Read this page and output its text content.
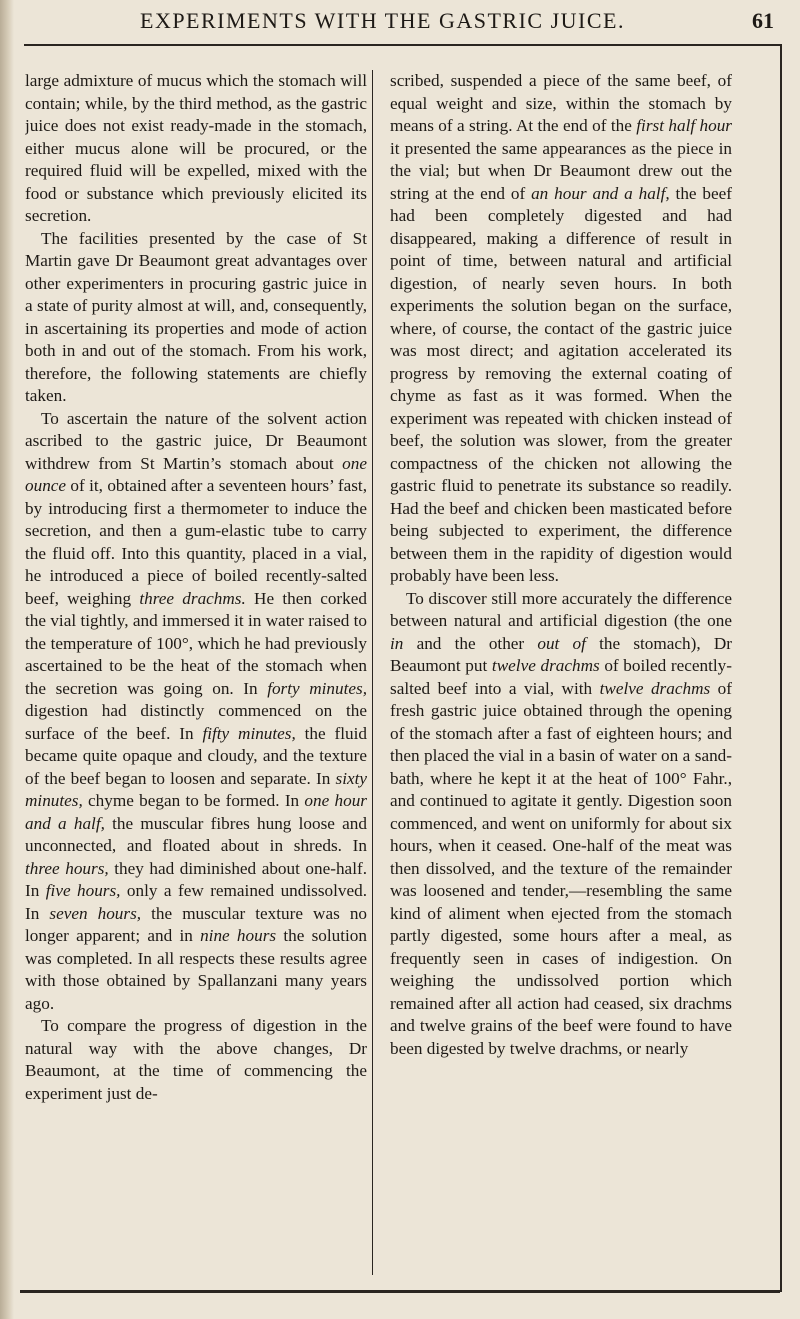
EXPERIMENTS WITH THE GASTRIC JUICE.	61

large admixture of mucus which the stomach will contain; while, by the third method, as the gastric juice does not exist ready-made in the stomach, either mucus alone will be procured, or the required fluid will be expelled, mixed with the food or substance which previously elicited its secretion.

The facilities presented by the case of St Martin gave Dr Beaumont great advantages over other experimenters in procuring gastric juice in a state of purity almost at will, and, consequently, in ascertaining its properties and mode of action both in and out of the stomach. From his work, therefore, the following statements are chiefly taken.

To ascertain the nature of the solvent action ascribed to the gastric juice, Dr Beaumont withdrew from St Martin’s stomach about one ounce of it, obtained after a seventeen hours’ fast, by introducing first a thermometer to induce the secretion, and then a gum-elastic tube to carry the fluid off. Into this quantity, placed in a vial, he introduced a piece of boiled recently-salted beef, weighing three drachms. He then corked the vial tightly, and immersed it in water raised to the temperature of 100°, which he had previously ascertained to be the heat of the stomach when the secretion was going on. In forty minutes, digestion had distinctly commenced on the surface of the beef. In fifty minutes, the fluid became quite opaque and cloudy, and the texture of the beef began to loosen and separate. In sixty minutes, chyme began to be formed. In one hour and a half, the muscular fibres hung loose and unconnected, and floated about in shreds. In three hours, they had diminished about one-half. In five hours, only a few remained undissolved. In seven hours, the muscular texture was no longer apparent; and in nine hours the solution was completed. In all respects these results agree with those obtained by Spallanzani many years ago.

To compare the progress of digestion in the natural way with the above changes, Dr Beaumont, at the time of commencing the experiment just de-

scribed, suspended a piece of the same beef, of equal weight and size, within the stomach by means of a string. At the end of the first half hour it presented the same appearances as the piece in the vial; but when Dr Beaumont drew out the string at the end of an hour and a half, the beef had been completely digested and had disappeared, making a difference of result in point of time, between natural and artificial digestion, of nearly seven hours. In both experiments the solution began on the surface, where, of course, the contact of the gastric juice was most direct; and agitation accelerated its progress by removing the external coating of chyme as fast as it was formed. When the experiment was repeated with chicken instead of beef, the solution was slower, from the greater compactness of the chicken not allowing the gastric fluid to penetrate its substance so readily. Had the beef and chicken been masticated before being subjected to experiment, the difference between them in the rapidity of digestion would probably have been less.

To discover still more accurately the difference between natural and artificial digestion (the one in and the other out of the stomach), Dr Beaumont put twelve drachms of boiled recently-salted beef into a vial, with twelve drachms of fresh gastric juice obtained through the opening of the stomach after a fast of eighteen hours; and then placed the vial in a basin of water on a sand-bath, where he kept it at the heat of 100° Fahr., and continued to agitate it gently. Digestion soon commenced, and went on uniformly for about six hours, when it ceased. One-half of the meat was then dissolved, and the texture of the remainder was loosened and tender,—resembling the same kind of aliment when ejected from the stomach partly digested, some hours after a meal, as frequently seen in cases of indigestion. On weighing the undissolved portion which remained after all action had ceased, six drachms and twelve grains of the beef were found to have been digested by twelve drachms, or nearly
